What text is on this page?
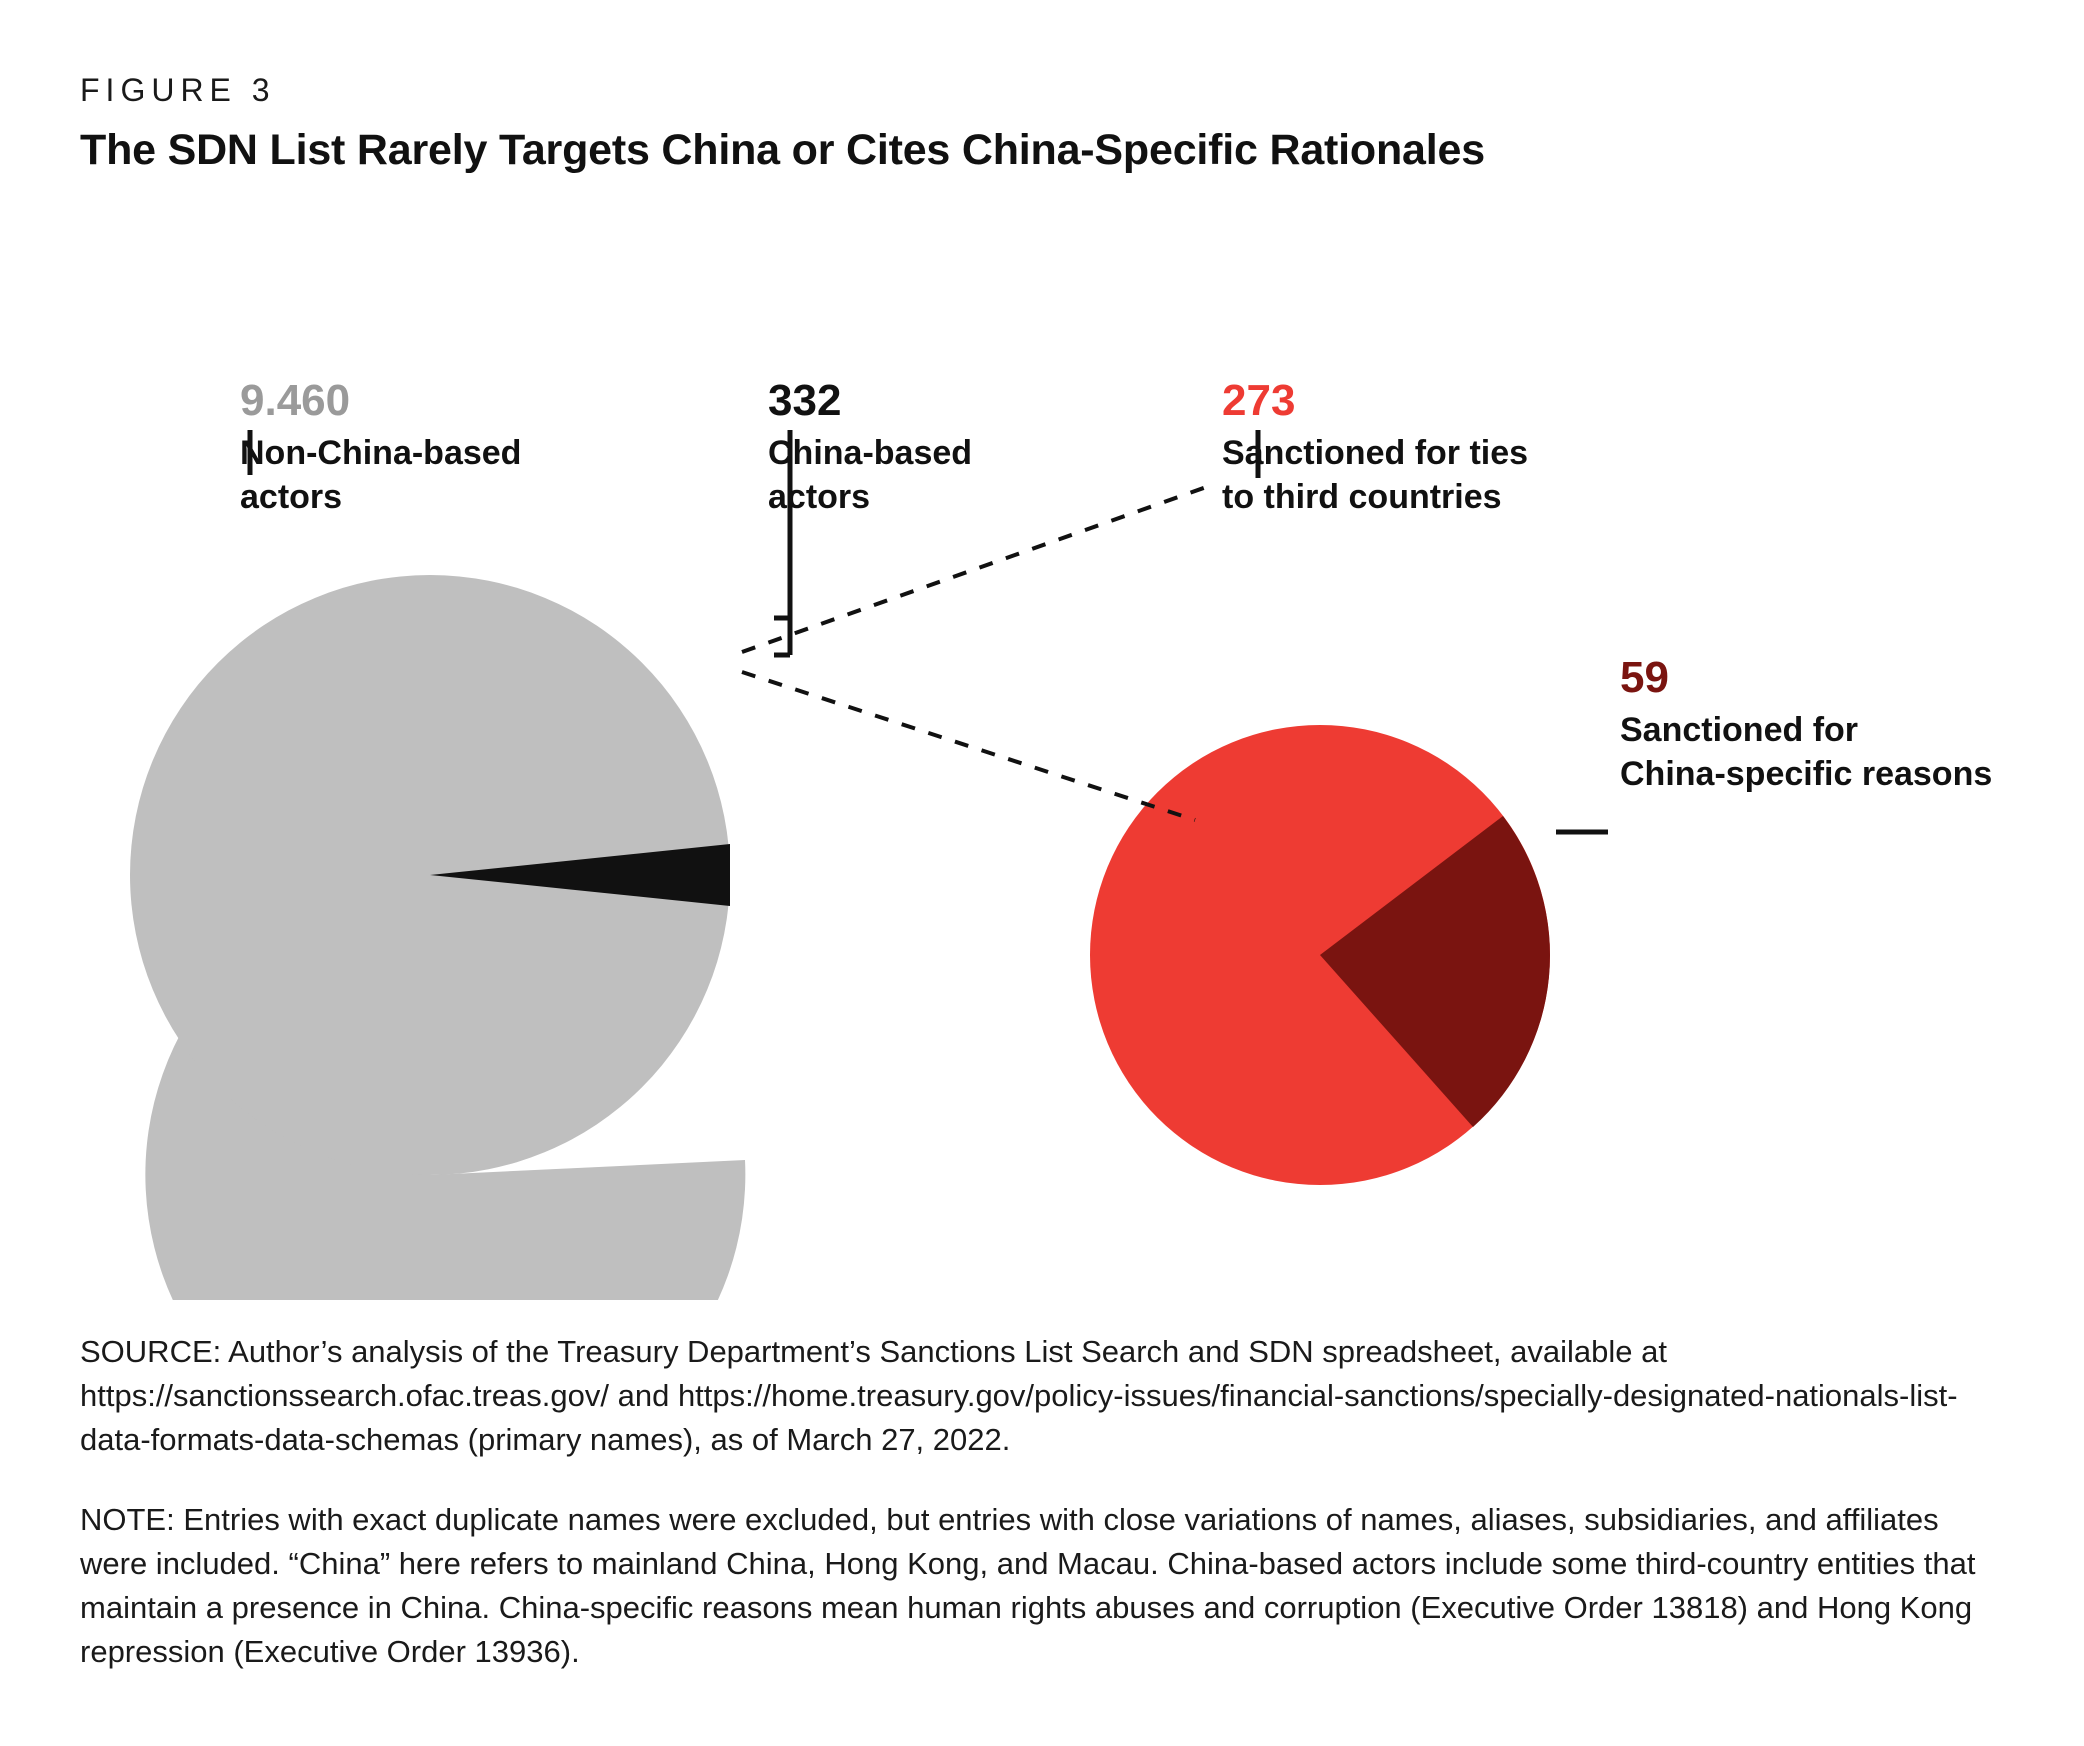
FIGURE 3
The SDN List Rarely Targets China or Cites China-Specific Rationales
9.460
Non-China-based
actors
332
China-based
actors
273
Sanctioned for ties
to third countries
59
Sanctioned for
China-specific reasons
SOURCE: Author’s analysis of the Treasury Department’s Sanctions List Search and SDN spreadsheet, available at https://sanctionssearch.ofac.treas.gov/ and https://home.treasury.gov/policy-issues/financial-sanctions/specially-designated-nationals-list-data-formats-data-schemas (primary names), as of March 27, 2022.
NOTE: Entries with exact duplicate names were excluded, but entries with close variations of names, aliases, subsidiaries, and affiliates were included. “China” here refers to mainland China, Hong Kong, and Macau. China-based actors include some third-country entities that maintain a presence in China. China-specific reasons mean human rights abuses and corruption (Executive Order 13818) and Hong Kong repression (Executive Order 13936).
